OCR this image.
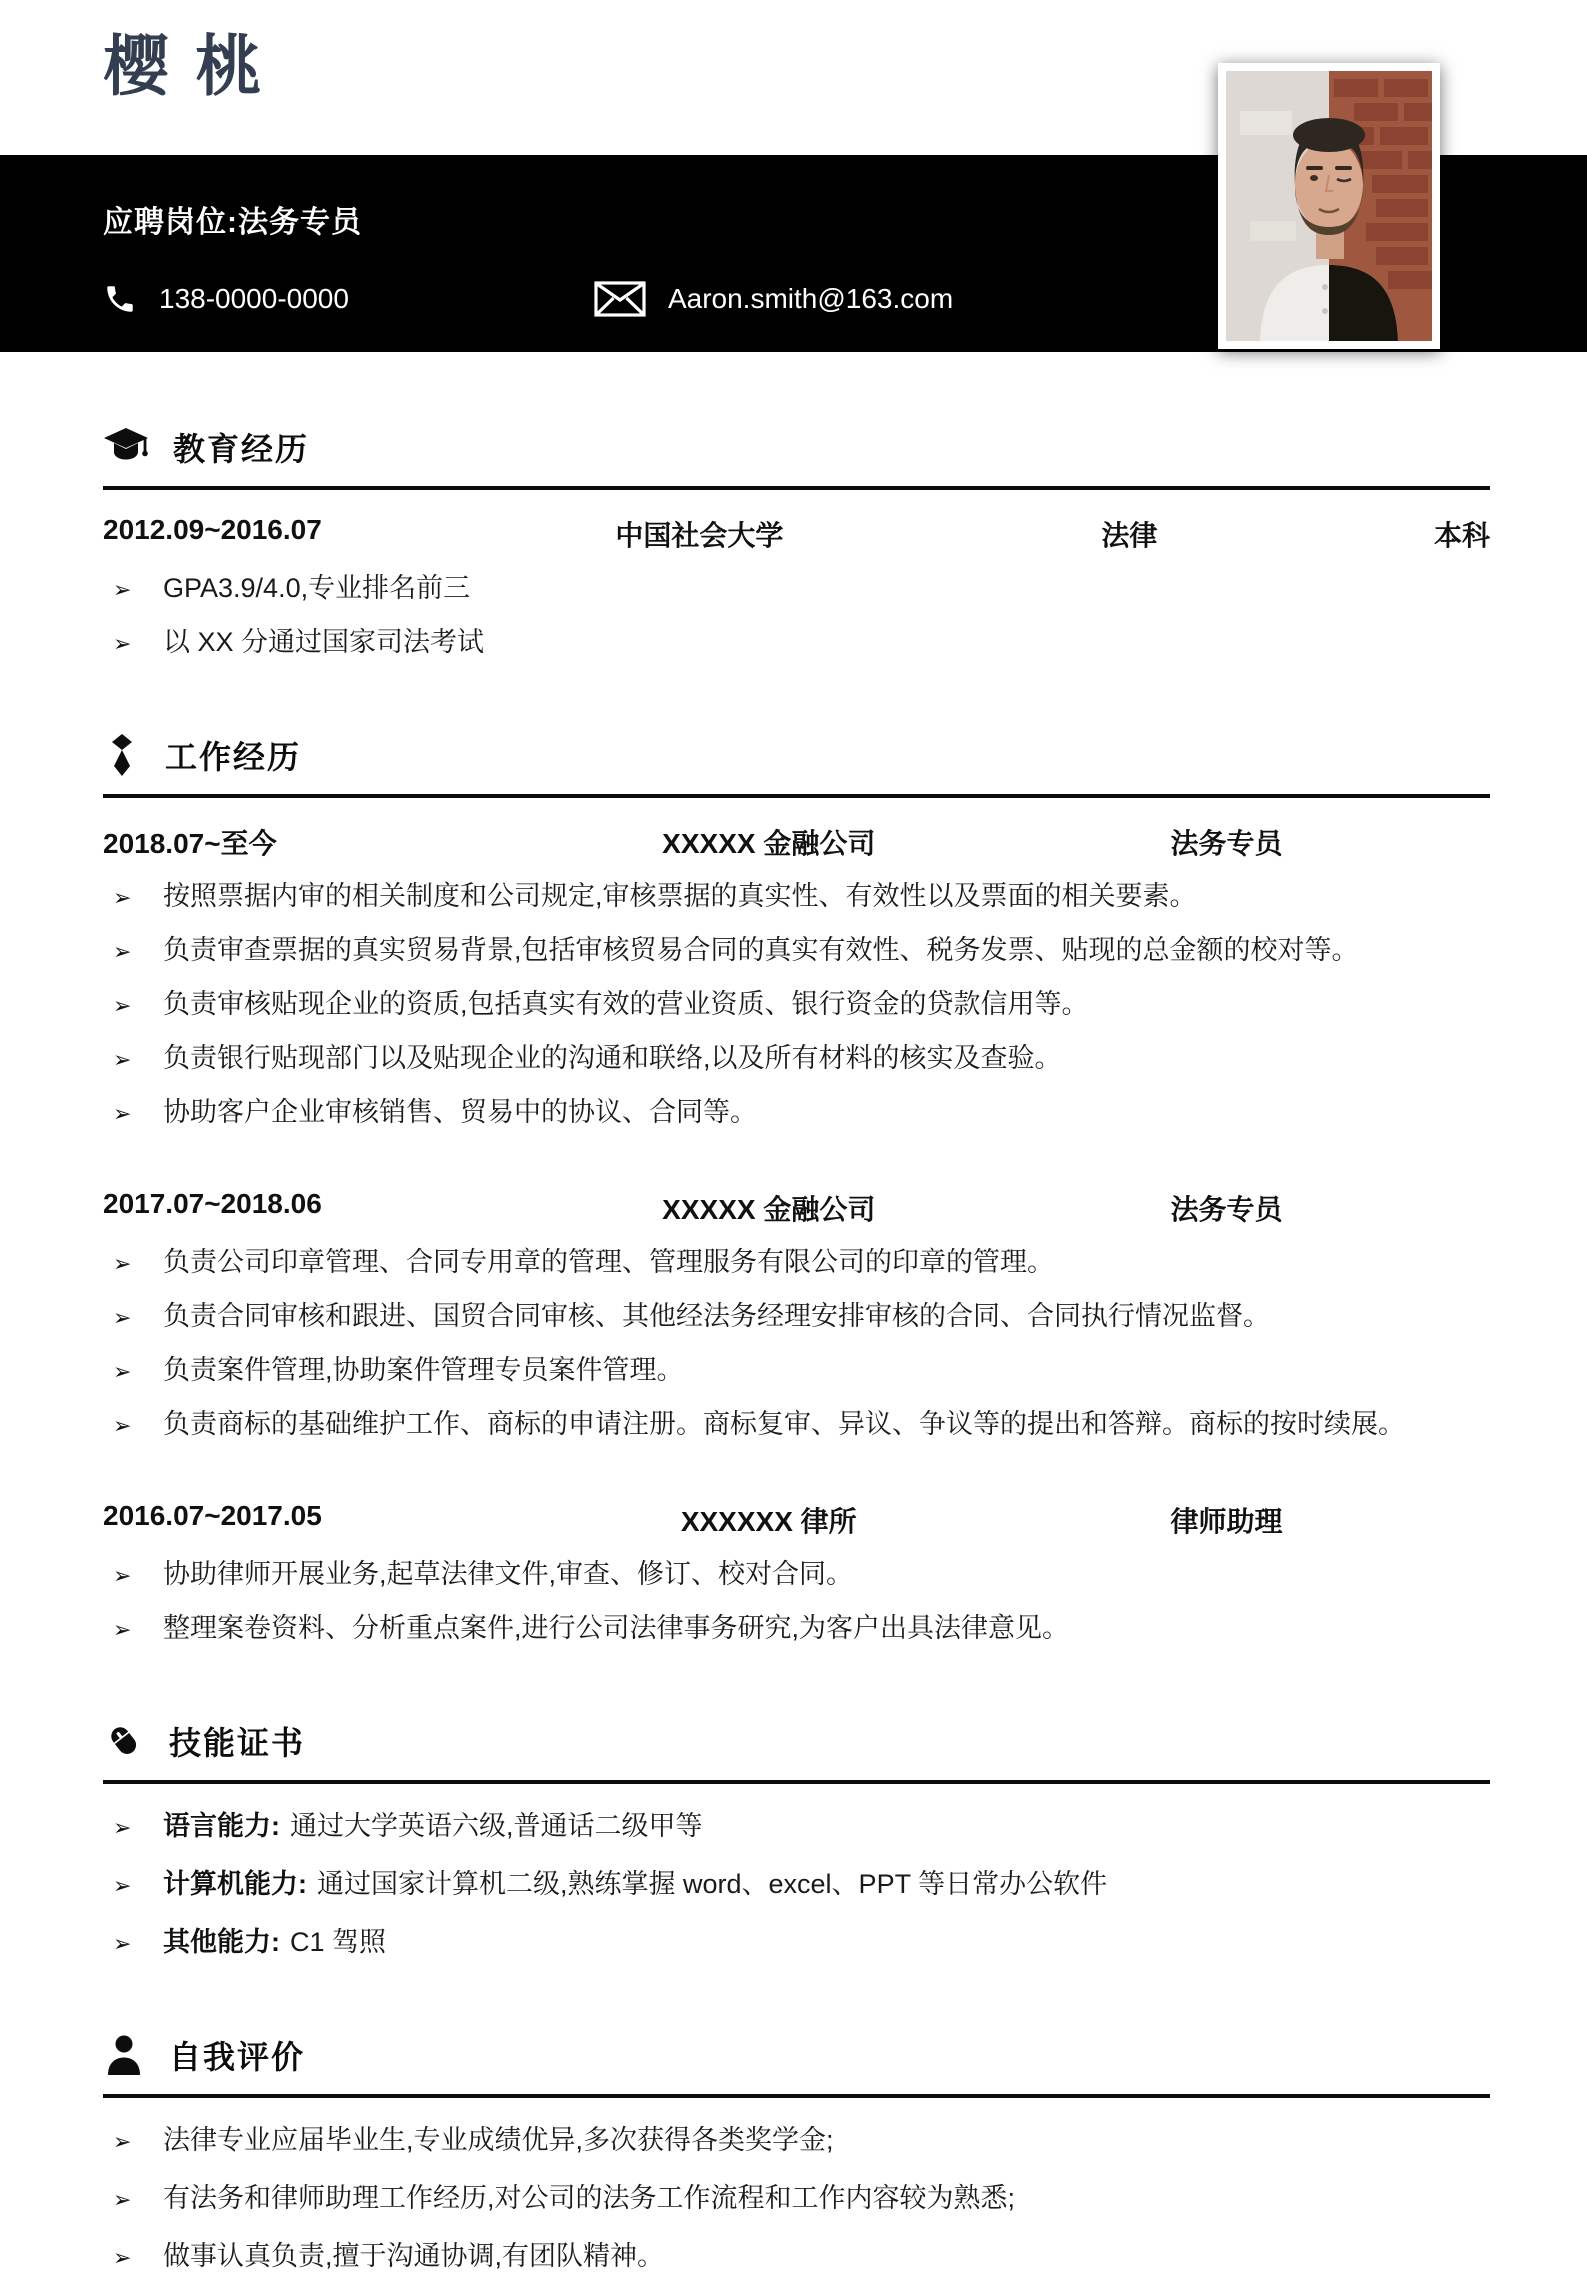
樱 桃
应聘岗位:法务专员
138-0000-0000	Aaron.smith@163.com
教育经历
2012.09~2016.07	中国社会大学	法律	本科
➢	GPA3.9/4.0,专业排名前三
➢	以 XX 分通过国家司法考试
工作经历
2018.07~至今	XXXXX 金融公司	法务专员
➢	按照票据内审的相关制度和公司规定,审核票据的真实性、有效性以及票面的相关要素。
➢	负责审查票据的真实贸易背景,包括审核贸易合同的真实有效性、税务发票、贴现的总金额的校对等。
➢	负责审核贴现企业的资质,包括真实有效的营业资质、银行资金的贷款信用等。
➢	负责银行贴现部门以及贴现企业的沟通和联络,以及所有材料的核实及查验。
➢	协助客户企业审核销售、贸易中的协议、合同等。
2017.07~2018.06	XXXXX 金融公司	法务专员
➢	负责公司印章管理、合同专用章的管理、管理服务有限公司的印章的管理。
➢	负责合同审核和跟进、国贸合同审核、其他经法务经理安排审核的合同、合同执行情况监督。
➢	负责案件管理,协助案件管理专员案件管理。
➢	负责商标的基础维护工作、商标的申请注册。商标复审、异议、争议等的提出和答辩。商标的按时续展。
2016.07~2017.05	XXXXXX 律所	律师助理
➢	协助律师开展业务,起草法律文件,审查、修订、校对合同。
➢	整理案卷资料、分析重点案件,进行公司法律事务研究,为客户出具法律意见。
技能证书
➢	语言能力: 通过大学英语六级,普通话二级甲等
➢	计算机能力: 通过国家计算机二级,熟练掌握 word、excel、PPT 等日常办公软件
➢	其他能力: C1 驾照
自我评价
➢	法律专业应届毕业生,专业成绩优异,多次获得各类奖学金;
➢	有法务和律师助理工作经历,对公司的法务工作流程和工作内容较为熟悉;
➢	做事认真负责,擅于沟通协调,有团队精神。
